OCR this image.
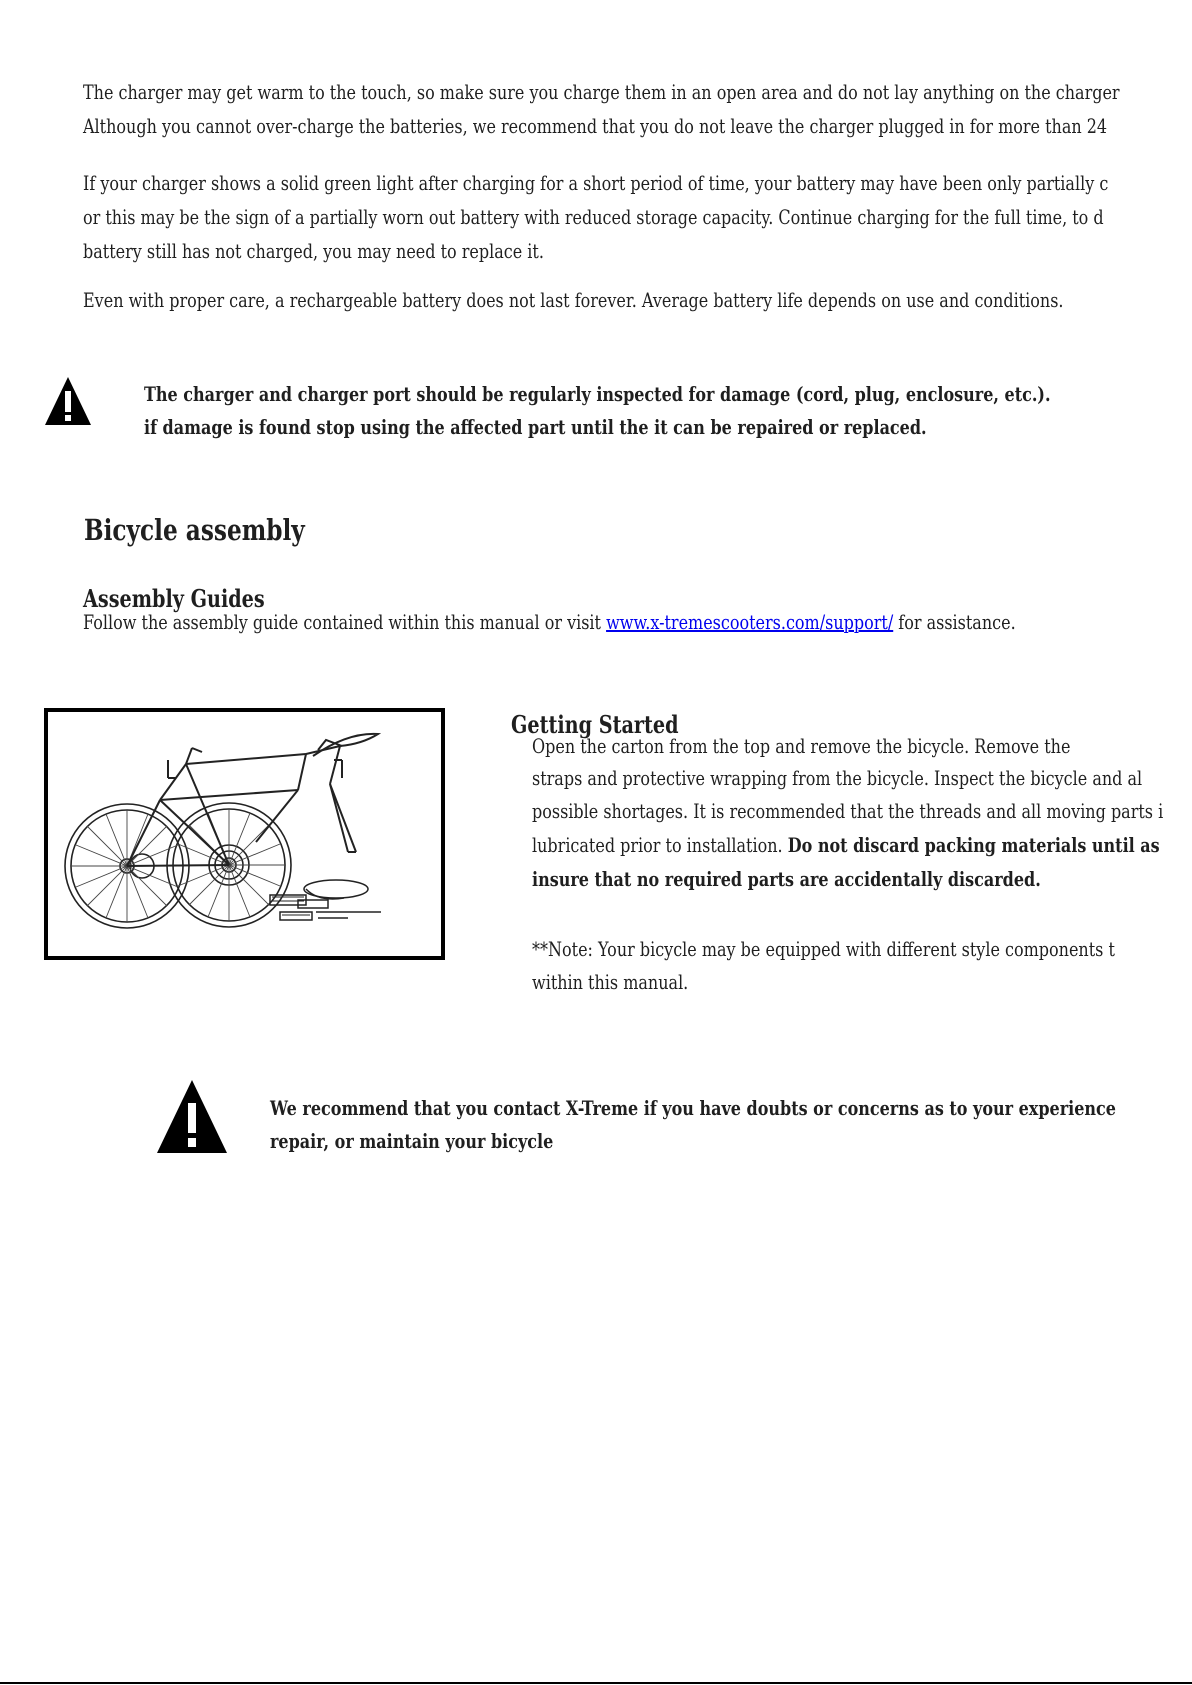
The charger may get warm to the touch, so make sure you charge them in an open area and do not lay anything on the charger
Although you cannot over-charge the batteries, we recommend that you do not leave the charger plugged in for more than 24
If your charger shows a solid green light after charging for a short period of time, your battery may have been only partially c
or this may be the sign of a partially worn out battery with reduced storage capacity. Continue charging for the full time, to d
battery still has not charged, you may need to replace it.
Even with proper care, a rechargeable battery does not last forever. Average battery life depends on use and conditions.
The charger and charger port should be regularly inspected for damage (cord, plug, enclosure, etc.).
if damage is found stop using the affected part until the it can be repaired or replaced.
Bicycle assembly
Assembly Guides
Follow the assembly guide contained within this manual or visit www.x-tremescooters.com/support/ for assistance.
Getting Started
Open the carton from the top and remove the bicycle. Remove the
straps and protective wrapping from the bicycle. Inspect the bicycle and al
possible shortages. It is recommended that the threads and all moving parts i
lubricated prior to installation. Do not discard packing materials until as
insure that no required parts are accidentally discarded.
**Note: Your bicycle may be equipped with different style components t
within this manual.
We recommend that you contact X-Treme if you have doubts or concerns as to your experience
repair, or maintain your bicycle
